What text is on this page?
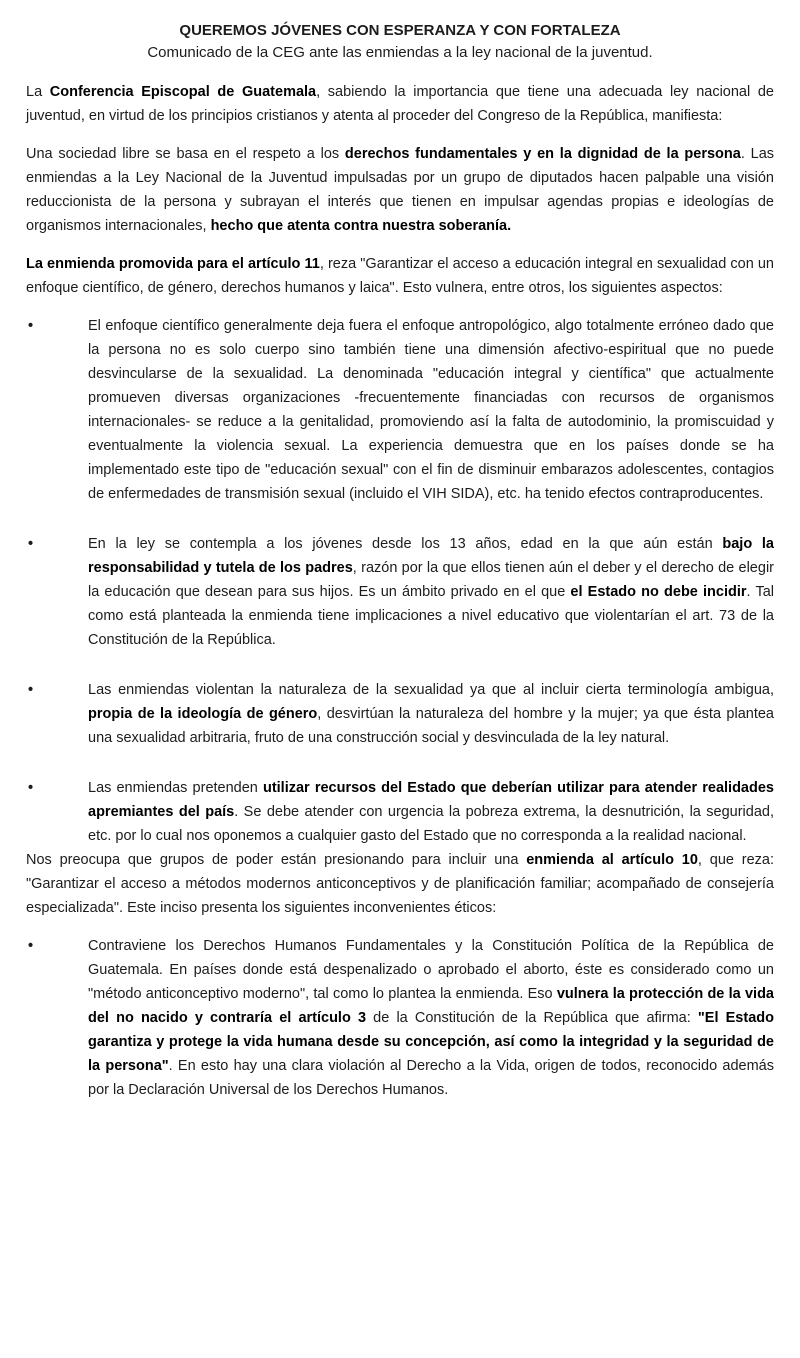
QUEREMOS JÓVENES CON ESPERANZA Y CON FORTALEZA
Comunicado de la CEG ante las enmiendas a la ley nacional de la juventud.

La Conferencia Episcopal de Guatemala, sabiendo la importancia que tiene una adecuada ley nacional de juventud, en virtud de los principios cristianos y atenta al proceder del Congreso de la República, manifiesta:

Una sociedad libre se basa en el respeto a los derechos fundamentales y en la dignidad de la persona. Las enmiendas a la Ley Nacional de la Juventud impulsadas por un grupo de diputados hacen palpable una visión reduccionista de la persona y subrayan el interés que tienen en impulsar agendas propias e ideologías de organismos internacionales, hecho que atenta contra nuestra soberanía.

La enmienda promovida para el artículo 11, reza "Garantizar el acceso a educación integral en sexualidad con un enfoque científico, de género, derechos humanos y laica". Esto vulnera, entre otros, los siguientes aspectos:

•	El enfoque científico generalmente deja fuera el enfoque antropológico, algo totalmente erróneo dado que la persona no es solo cuerpo sino también tiene una dimensión afectivo-espiritual que no puede desvincularse de la sexualidad. La denominada "educación integral y científica" que actualmente promueven diversas organizaciones -frecuentemente financiadas con recursos de organismos internacionales- se reduce a la genitalidad, promoviendo así la falta de autodominio, la promiscuidad y eventualmente la violencia sexual. La experiencia demuestra que en los países donde se ha implementado este tipo de "educación sexual" con el fin de disminuir embarazos adolescentes, contagios de enfermedades de transmisión sexual (incluido el VIH SIDA), etc. ha tenido efectos contraproducentes.
•	En la ley se contempla a los jóvenes desde los 13 años, edad en la que aún están bajo la responsabilidad y tutela de los padres, razón por la que ellos tienen aún el deber y el derecho de elegir la educación que desean para sus hijos. Es un ámbito privado en el que el Estado no debe incidir. Tal como está planteada la enmienda tiene implicaciones a nivel educativo que violentarían el art. 73 de la Constitución de la República.
•	Las enmiendas violentan la naturaleza de la sexualidad ya que al incluir cierta terminología ambigua, propia de la ideología de género, desvirtúan la naturaleza del hombre y la mujer; ya que ésta plantea una sexualidad arbitraria, fruto de una construcción social y desvinculada de la ley natural.
•	Las enmiendas pretenden utilizar recursos del Estado que deberían utilizar para atender realidades apremiantes del país. Se debe atender con urgencia la pobreza extrema, la desnutrición, la seguridad, etc. por lo cual nos oponemos a cualquier gasto del Estado que no corresponda a la realidad nacional.

Nos preocupa que grupos de poder están presionando para incluir una enmienda al artículo 10, que reza: "Garantizar el acceso a métodos modernos anticonceptivos y de planificación familiar; acompañado de consejería especializada". Este inciso presenta los siguientes inconvenientes éticos:

•	Contraviene los Derechos Humanos Fundamentales y la Constitución Política de la República de Guatemala. En países donde está despenalizado o aprobado el aborto, éste es considerado como un "método anticonceptivo moderno", tal como lo plantea la enmienda. Eso vulnera la protección de la vida del no nacido y contraría el artículo 3 de la Constitución de la República que afirma: "El Estado garantiza y protege la vida humana desde su concepción, así como la integridad y la seguridad de la persona". En esto hay una clara violación al Derecho a la Vida, origen de todos, reconocido además por la Declaración Universal de los Derechos Humanos.
